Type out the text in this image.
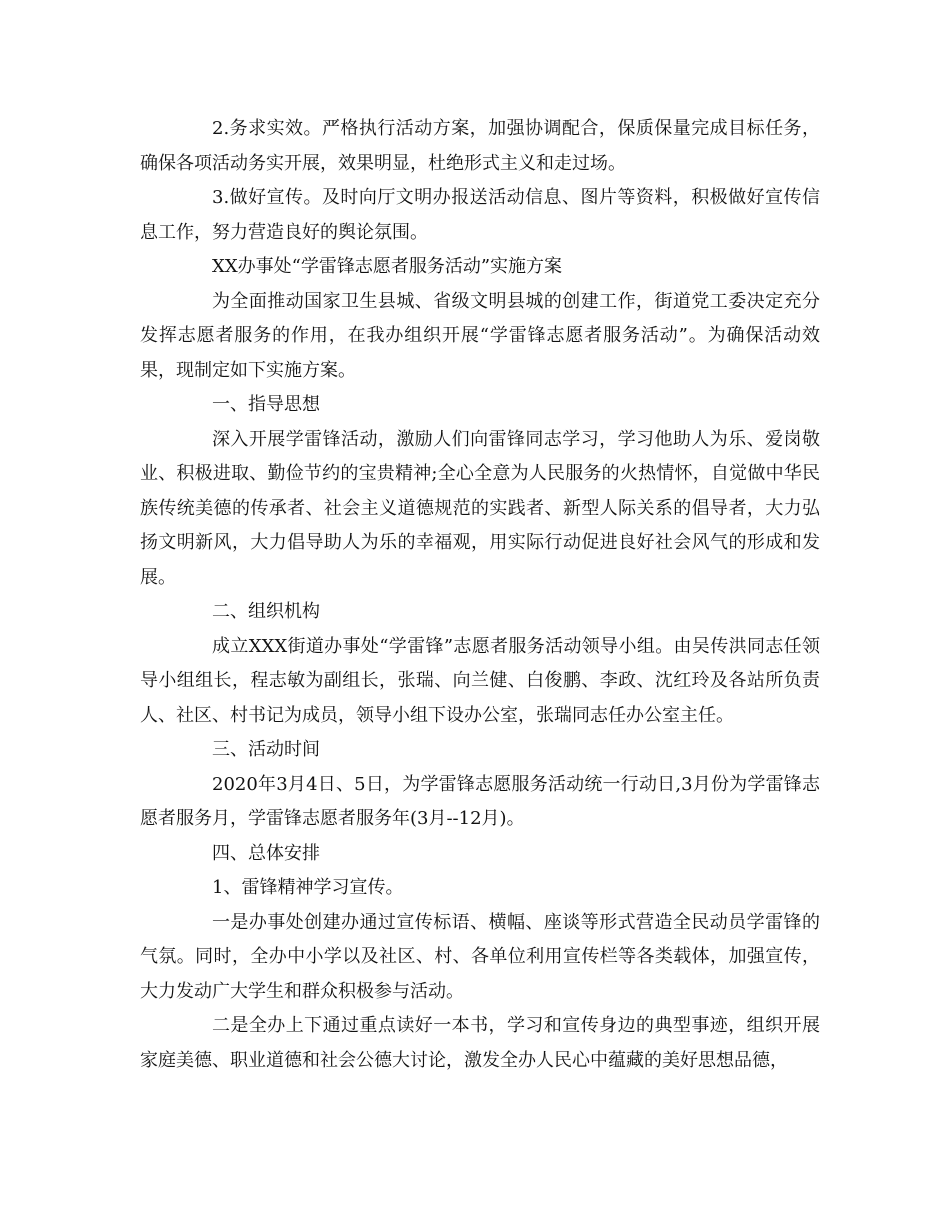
2.务求实效。严格执行活动方案，加强协调配合，保质保量完成目标任务，确保各项活动务实开展，效果明显，杜绝形式主义和走过场。

3.做好宣传。及时向厅文明办报送活动信息、图片等资料，积极做好宣传信息工作，努力营造良好的舆论氛围。

XX办事处“学雷锋志愿者服务活动”实施方案

为全面推动国家卫生县城、省级文明县城的创建工作，街道党工委决定充分发挥志愿者服务的作用，在我办组织开展“学雷锋志愿者服务活动”。为确保活动效果，现制定如下实施方案。

一、指导思想

深入开展学雷锋活动，激励人们向雷锋同志学习，学习他助人为乐、爱岗敬业、积极进取、勤俭节约的宝贵精神;全心全意为人民服务的火热情怀，自觉做中华民族传统美德的传承者、社会主义道德规范的实践者、新型人际关系的倡导者，大力弘扬文明新风，大力倡导助人为乐的幸福观，用实际行动促进良好社会风气的形成和发展。

二、组织机构

成立XXX街道办事处“学雷锋”志愿者服务活动领导小组。由吴传洪同志任领导小组组长，程志敏为副组长，张瑞、向兰健、白俊鹏、李政、沈红玲及各站所负责人、社区、村书记为成员，领导小组下设办公室，张瑞同志任办公室主任。

三、活动时间

2020年3月4日、5日，为学雷锋志愿服务活动统一行动日,3月份为学雷锋志愿者服务月，学雷锋志愿者服务年(3月--12月)。

四、总体安排

1、雷锋精神学习宣传。

一是办事处创建办通过宣传标语、横幅、座谈等形式营造全民动员学雷锋的气氛。同时，全办中小学以及社区、村、各单位利用宣传栏等各类载体，加强宣传，大力发动广大学生和群众积极参与活动。

二是全办上下通过重点读好一本书，学习和宣传身边的典型事迹，组织开展家庭美德、职业道德和社会公德大讨论，激发全办人民心中蕴藏的美好思想品德，
